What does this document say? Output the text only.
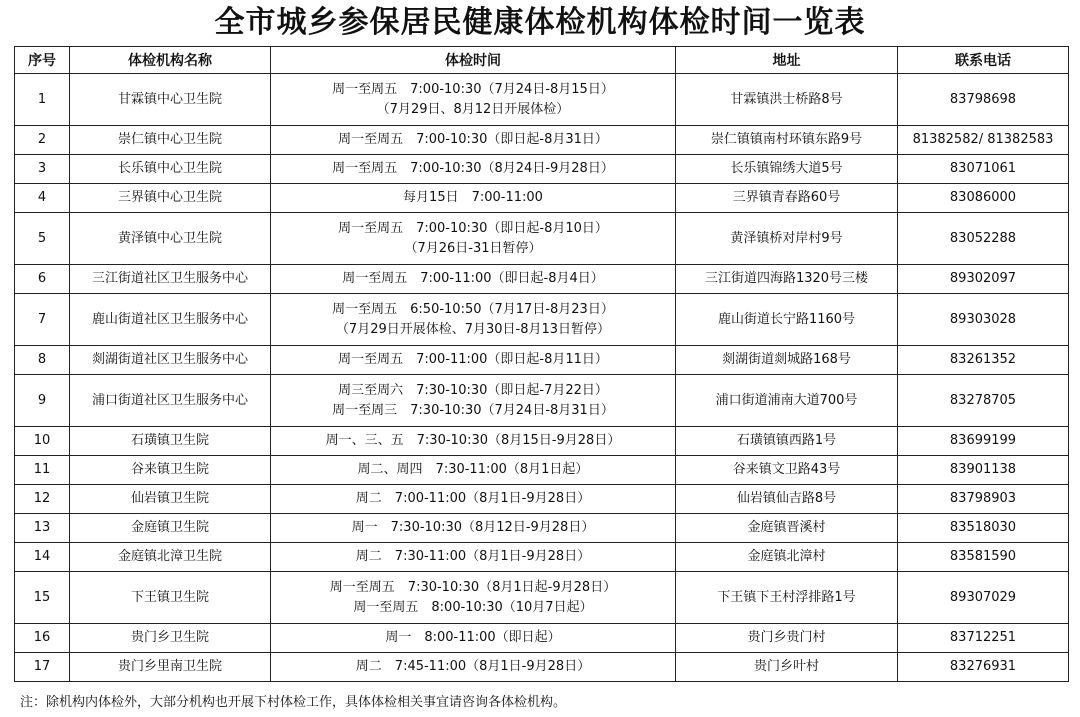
全市城乡参保居民健康体检机构体检时间一览表
序号	体检机构名称	体检时间	地址	联系电话
1	甘霖镇中心卫生院	周一至周五　7:00-10:30（7月24日-8月15日）
（7月29日、8月12日开展体检）	甘霖镇洪士桥路8号	83798698
2	崇仁镇中心卫生院	周一至周五　7:00-10:30（即日起-8月31日）	崇仁镇镇南村环镇东路9号	81382582/ 81382583
3	长乐镇中心卫生院	周一至周五　7:00-10:30（8月24日-9月28日）	长乐镇锦绣大道5号	83071061
4	三界镇中心卫生院	每月15日　7:00-11:00	三界镇青春路60号	83086000
5	黄泽镇中心卫生院	周一至周五　7:00-10:30（即日起-8月10日）
（7月26日-31日暂停）	黄泽镇桥对岸村9号	83052288
6	三江街道社区卫生服务中心	周一至周五　7:00-11:00（即日起-8月4日）	三江街道四海路1320号三楼	89302097
7	鹿山街道社区卫生服务中心	周一至周五　6:50-10:50（7月17日-8月23日）
（7月29日开展体检、7月30日-8月13日暂停）	鹿山街道长宁路1160号	89303028
8	剡湖街道社区卫生服务中心	周一至周五　7:00-11:00（即日起-8月11日）	剡湖街道剡城路168号	83261352
9	浦口街道社区卫生服务中心	周三至周六　7:30-10:30（即日起-7月22日）
周一至周三　7:30-10:30（7月24日-8月31日）	浦口街道浦南大道700号	83278705
10	石璜镇卫生院	周一、三、五　7:30-10:30（8月15日-9月28日）	石璜镇镇西路1号	83699199
11	谷来镇卫生院	周二、周四　7:30-11:00（8月1日起）	谷来镇文卫路43号	83901138
12	仙岩镇卫生院	周二　7:00-11:00（8月1日-9月28日）	仙岩镇仙吉路8号	83798903
13	金庭镇卫生院	周一　7:30-10:30（8月12日-9月28日）	金庭镇晋溪村	83518030
14	金庭镇北漳卫生院	周二　7:30-11:00（8月1日-9月28日）	金庭镇北漳村	83581590
15	下王镇卫生院	周一至周五　7:30-10:30（8月1日起-9月28日）
周一至周五　8:00-10:30（10月7日起）	下王镇下王村浮排路1号	89307029
16	贵门乡卫生院	周一　8:00-11:00（即日起）	贵门乡贵门村	83712251
17	贵门乡里南卫生院	周二　7:45-11:00（8月1日-9月28日）	贵门乡叶村	83276931
注：除机构内体检外，大部分机构也开展下村体检工作，具体体检相关事宜请咨询各体检机构。
